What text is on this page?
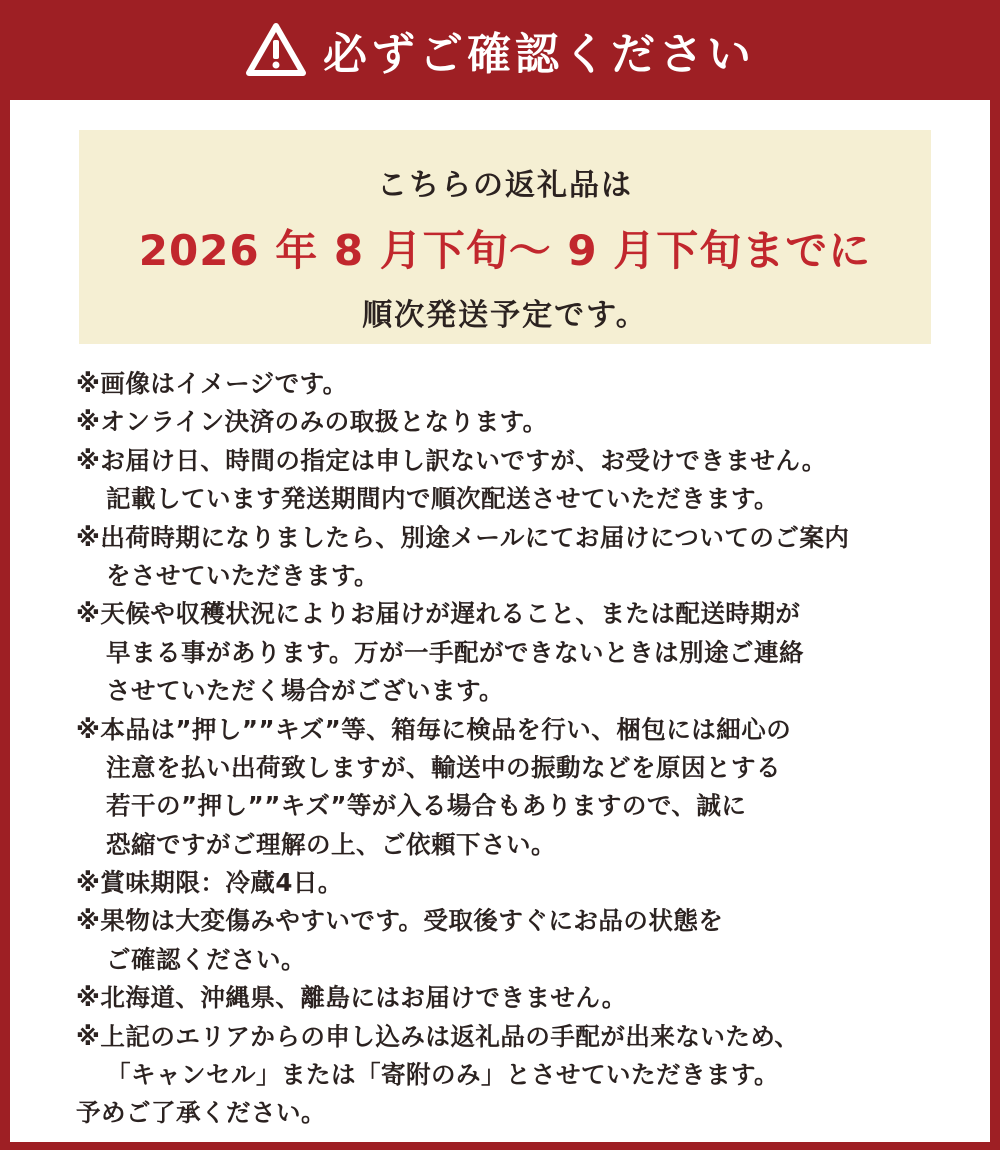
必ずご確認ください
こちらの返礼品は
2026 年 8 月下旬〜 9 月下旬までに
順次発送予定です。
※画像はイメージです。
※オンライン決済のみの取扱となります。
※お届け日、時間の指定は申し訳ないですが、お受けできません。
記載しています発送期間内で順次配送させていただきます。
※出荷時期になりましたら、別途メールにてお届けについてのご案内
をさせていただきます。
※天候や収穫状況によりお届けが遅れること、または配送時期が
早まる事があります。万が一手配ができないときは別途ご連絡
させていただく場合がございます。
※本品は”押し””キズ”等、箱毎に検品を行い、梱包には細心の
注意を払い出荷致しますが、輸送中の振動などを原因とする
若干の”押し””キズ”等が入る場合もありますので、誠に
恐縮ですがご理解の上、ご依頼下さい。
※賞味期限：冷蔵4日。
※果物は大変傷みやすいです。受取後すぐにお品の状態を
ご確認ください。
※北海道、沖縄県、離島にはお届けできません。
※上記のエリアからの申し込みは返礼品の手配が出来ないため、
「キャンセル」または「寄附のみ」とさせていただきます。
予めご了承ください。
